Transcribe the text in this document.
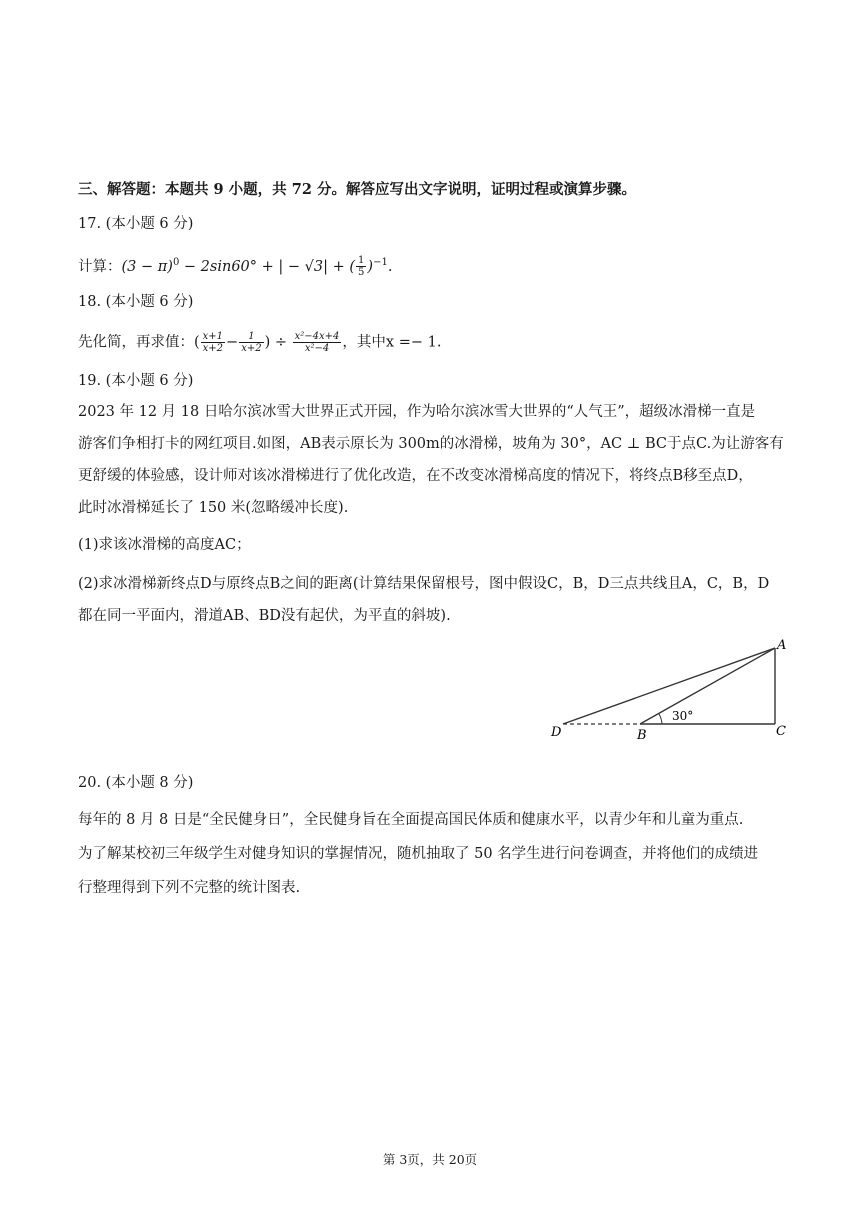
三、解答题：本题共 9 小题，共 72 分。解答应写出文字说明，证明过程或演算步骤。
17. (本小题 6 分)
计算：$(3 - \pi)^0 - 2\sin 60^\circ$ + | − √3| + ( $\frac{1}{5} )^{-1}$.
18. (本小题 6 分)
先化简，再求值：( $\frac{x+1}{x+2} - \frac{1}{x+2}$ ) ÷ $\frac{\text{x²−4x+4}}{\text{x²−4}}$ ，其中x =− 1.
19. (本小题 6 分)
2023 年 12 月 18 日哈尔滨冰雪大世界正式开园，作为哈尔滨冰雪大世界的“人气王”，超级冰滑梯一直是
游客们争相打卡的网红项目.如图，AB表示原长为 300m的冰滑梯，坡角为 30°，AC ⊥ BC于点C.为让游客有
更舒缓的体验感，设计师对该冰滑梯进行了优化改造，在不改变冰滑梯高度的情况下，将终点B移至点D，
此时冰滑梯延长了 150 米(忽略缓冲长度).
(1)求该冰滑梯的高度AC；
(2)求冰滑梯新终点D与原终点B之间的距离(计算结果保留根号，图中假设C，B，D三点共线且A，C，B，D
都在同一平面内，滑道AB、BD没有起伏，为平直的斜坡).
30°
A
B	C
D
20. (本小题 8 分)
每年的 8 月 8 日是“全民健身日”，全民健身旨在全面提高国民体质和健康水平，以青少年和儿童为重点.
为了解某校初三年级学生对健身知识的掌握情况，随机抽取了 50 名学生进行问卷调查，并将他们的成绩进
行整理得到下列不完整的统计图表.
第 3页，共 20页
